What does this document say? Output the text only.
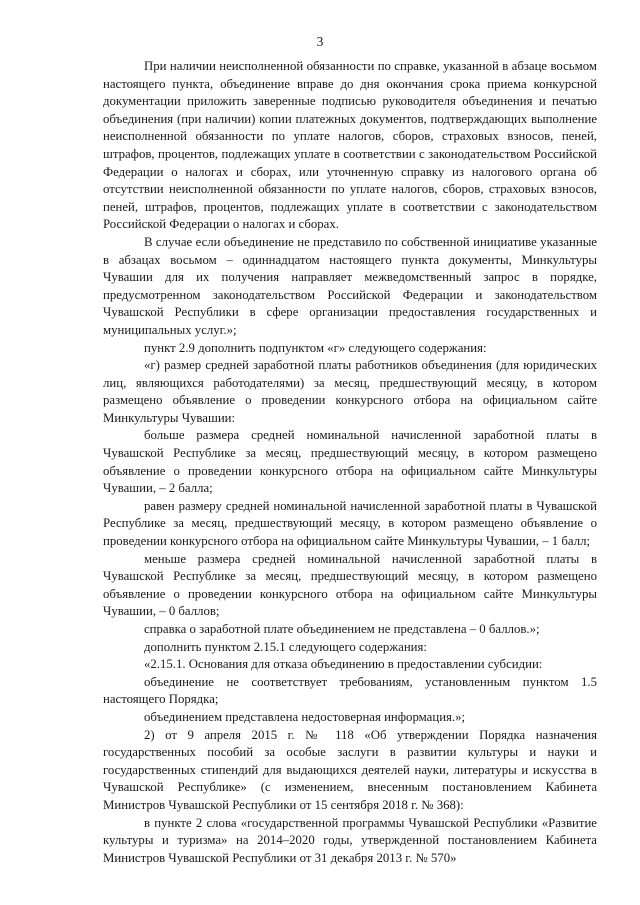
3

При наличии неисполненной обязанности по справке, указанной в абзаце восьмом настоящего пункта, объединение вправе до дня окончания срока приема конкурсной документации приложить заверенные подписью руководителя объединения и печатью объединения (при наличии) копии платежных документов, подтверждающих выполнение неисполненной обязанности по уплате налогов, сборов, страховых взносов, пеней, штрафов, процентов, подлежащих уплате в соответствии с законодательством Российской Федерации о налогах и сборах, или уточненную справку из налогового органа об отсутствии неисполненной обязанности по уплате налогов, сборов, страховых взносов, пеней, штрафов, процентов, подлежащих уплате в соответствии с законодательством Российской Федерации о налогах и сборах.

В случае если объединение не представило по собственной инициативе указанные в абзацах восьмом – одиннадцатом настоящего пункта документы, Минкультуры Чувашии для их получения направляет межведомственный запрос в порядке, предусмотренном законодательством Российской Федерации и законодательством Чувашской Республики в сфере организации предоставления государственных и муниципальных услуг.»;

пункт 2.9 дополнить подпунктом «г» следующего содержания:

«г) размер средней заработной платы работников объединения (для юридических лиц, являющихся работодателями) за месяц, предшествующий месяцу, в котором размещено объявление о проведении конкурсного отбора на официальном сайте Минкультуры Чувашии:

больше размера средней номинальной начисленной заработной платы в Чувашской Республике за месяц, предшествующий месяцу, в котором размещено объявление о проведении конкурсного отбора на официальном сайте Минкультуры Чувашии, – 2 балла;

равен размеру средней номинальной начисленной заработной платы в Чувашской Республике за месяц, предшествующий месяцу, в котором размещено объявление о проведении конкурсного отбора на официальном сайте Минкультуры Чувашии, – 1 балл;

меньше размера средней номинальной начисленной заработной платы в Чувашской Республике за месяц, предшествующий месяцу, в котором размещено объявление о проведении конкурсного отбора на официальном сайте Минкультуры Чувашии, – 0 баллов;

справка о заработной плате объединением не представлена – 0 баллов.»;

дополнить пунктом 2.15.1 следующего содержания:

«2.15.1. Основания для отказа объединению в предоставлении субсидии:

объединение не соответствует требованиям, установленным пунктом 1.5 настоящего Порядка;

объединением представлена недостоверная информация.»;

2) от 9 апреля 2015 г. № 118 «Об утверждении Порядка назначения государственных пособий за особые заслуги в развитии культуры и науки и государственных стипендий для выдающихся деятелей науки, литературы и искусства в Чувашской Республике» (с изменением, внесенным постановлением Кабинета Министров Чувашской Республики от 15 сентября 2018 г. № 368):

в пункте 2 слова «государственной программы Чувашской Республики «Развитие культуры и туризма» на 2014–2020 годы, утвержденной постановлением Кабинета Министров Чувашской Республики от 31 декабря 2013 г. № 570»
